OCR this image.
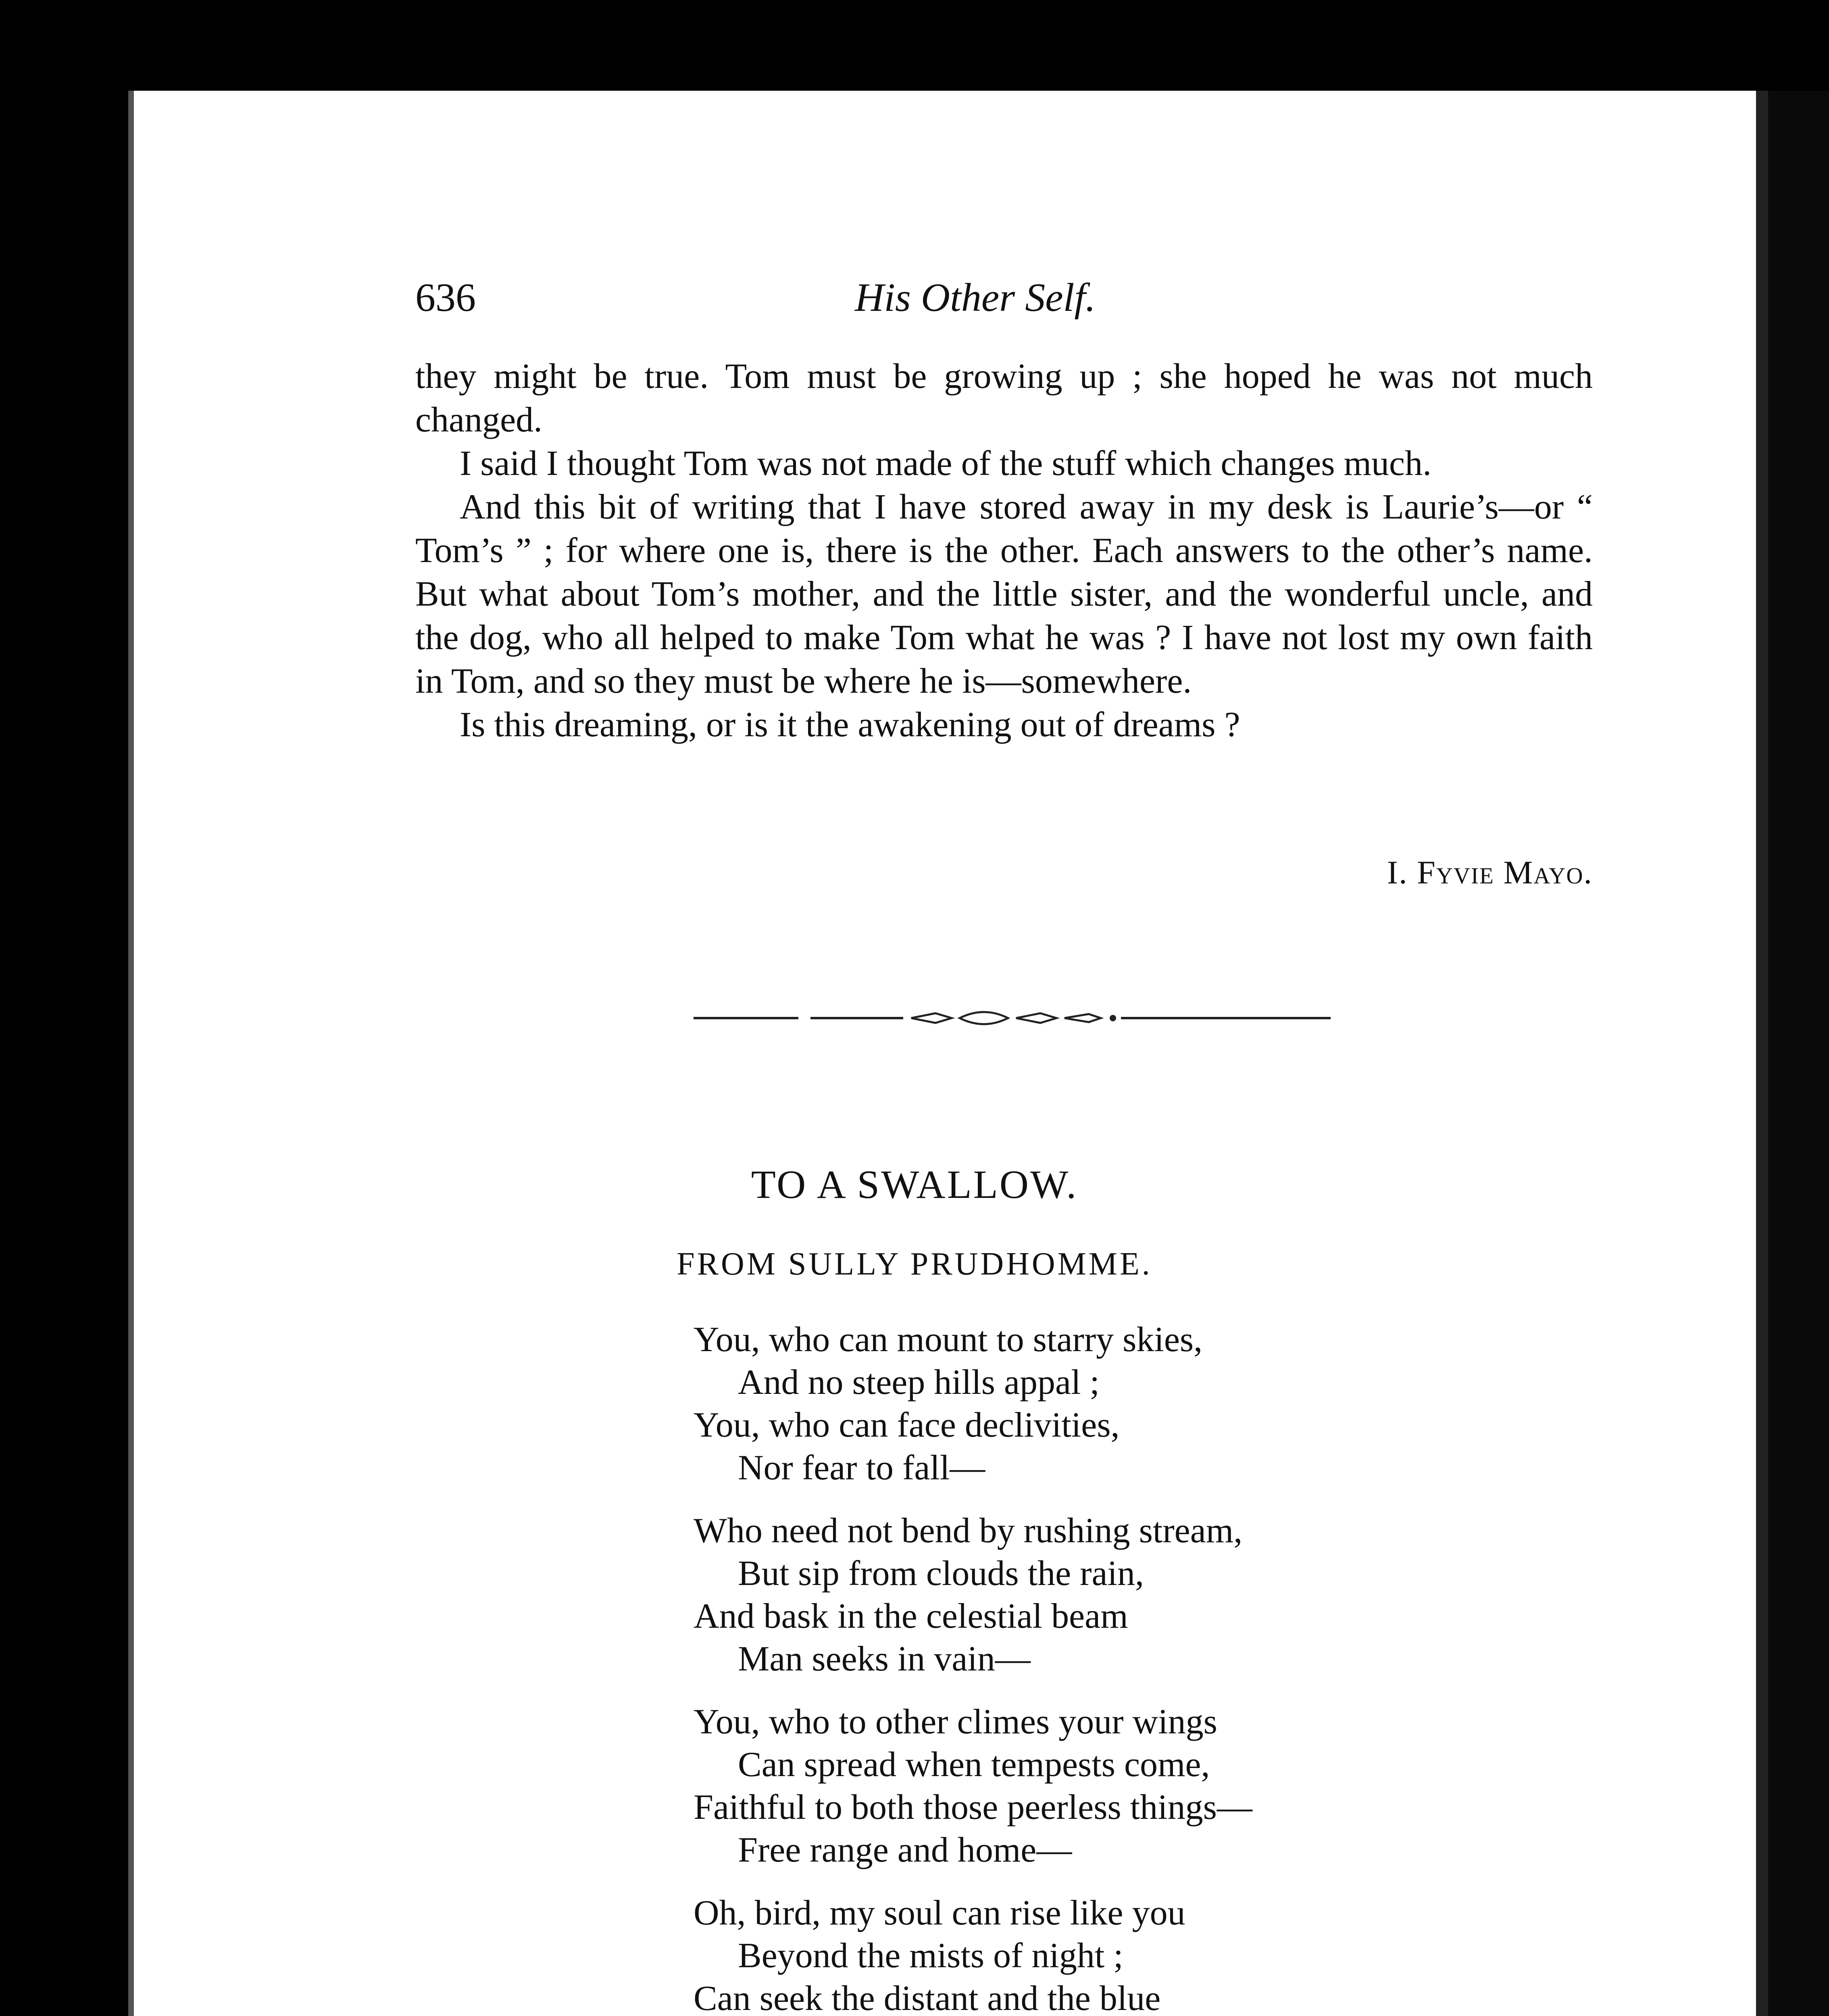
636	His Other Self.

they might be true. Tom must be growing up ; she hoped he was not much changed.

I said I thought Tom was not made of the stuff which changes much.

And this bit of writing that I have stored away in my desk is Laurie’s—or “ Tom’s ” ; for where one is, there is the other. Each answers to the other’s name. But what about Tom’s mother, and the little sister, and the wonderful uncle, and the dog, who all helped to make Tom what he was ? I have not lost my own faith in Tom, and so they must be where he is—somewhere.

Is this dreaming, or is it the awakening out of dreams ?

I. Fyvie Mayo.
TO A SWALLOW.
FROM SULLY PRUDHOMME.
You, who can mount to starry skies,
And no steep hills appal ;
You, who can face declivities,
Nor fear to fall—
Who need not bend by rushing stream,
But sip from clouds the rain,
And bask in the celestial beam
Man seeks in vain—
You, who to other climes your wings
Can spread when tempests come,
Faithful to both those peerless things—
Free range and home—
Oh, bird, my soul can rise like you
Beyond the mists of night ;
Can seek the distant and the blue
